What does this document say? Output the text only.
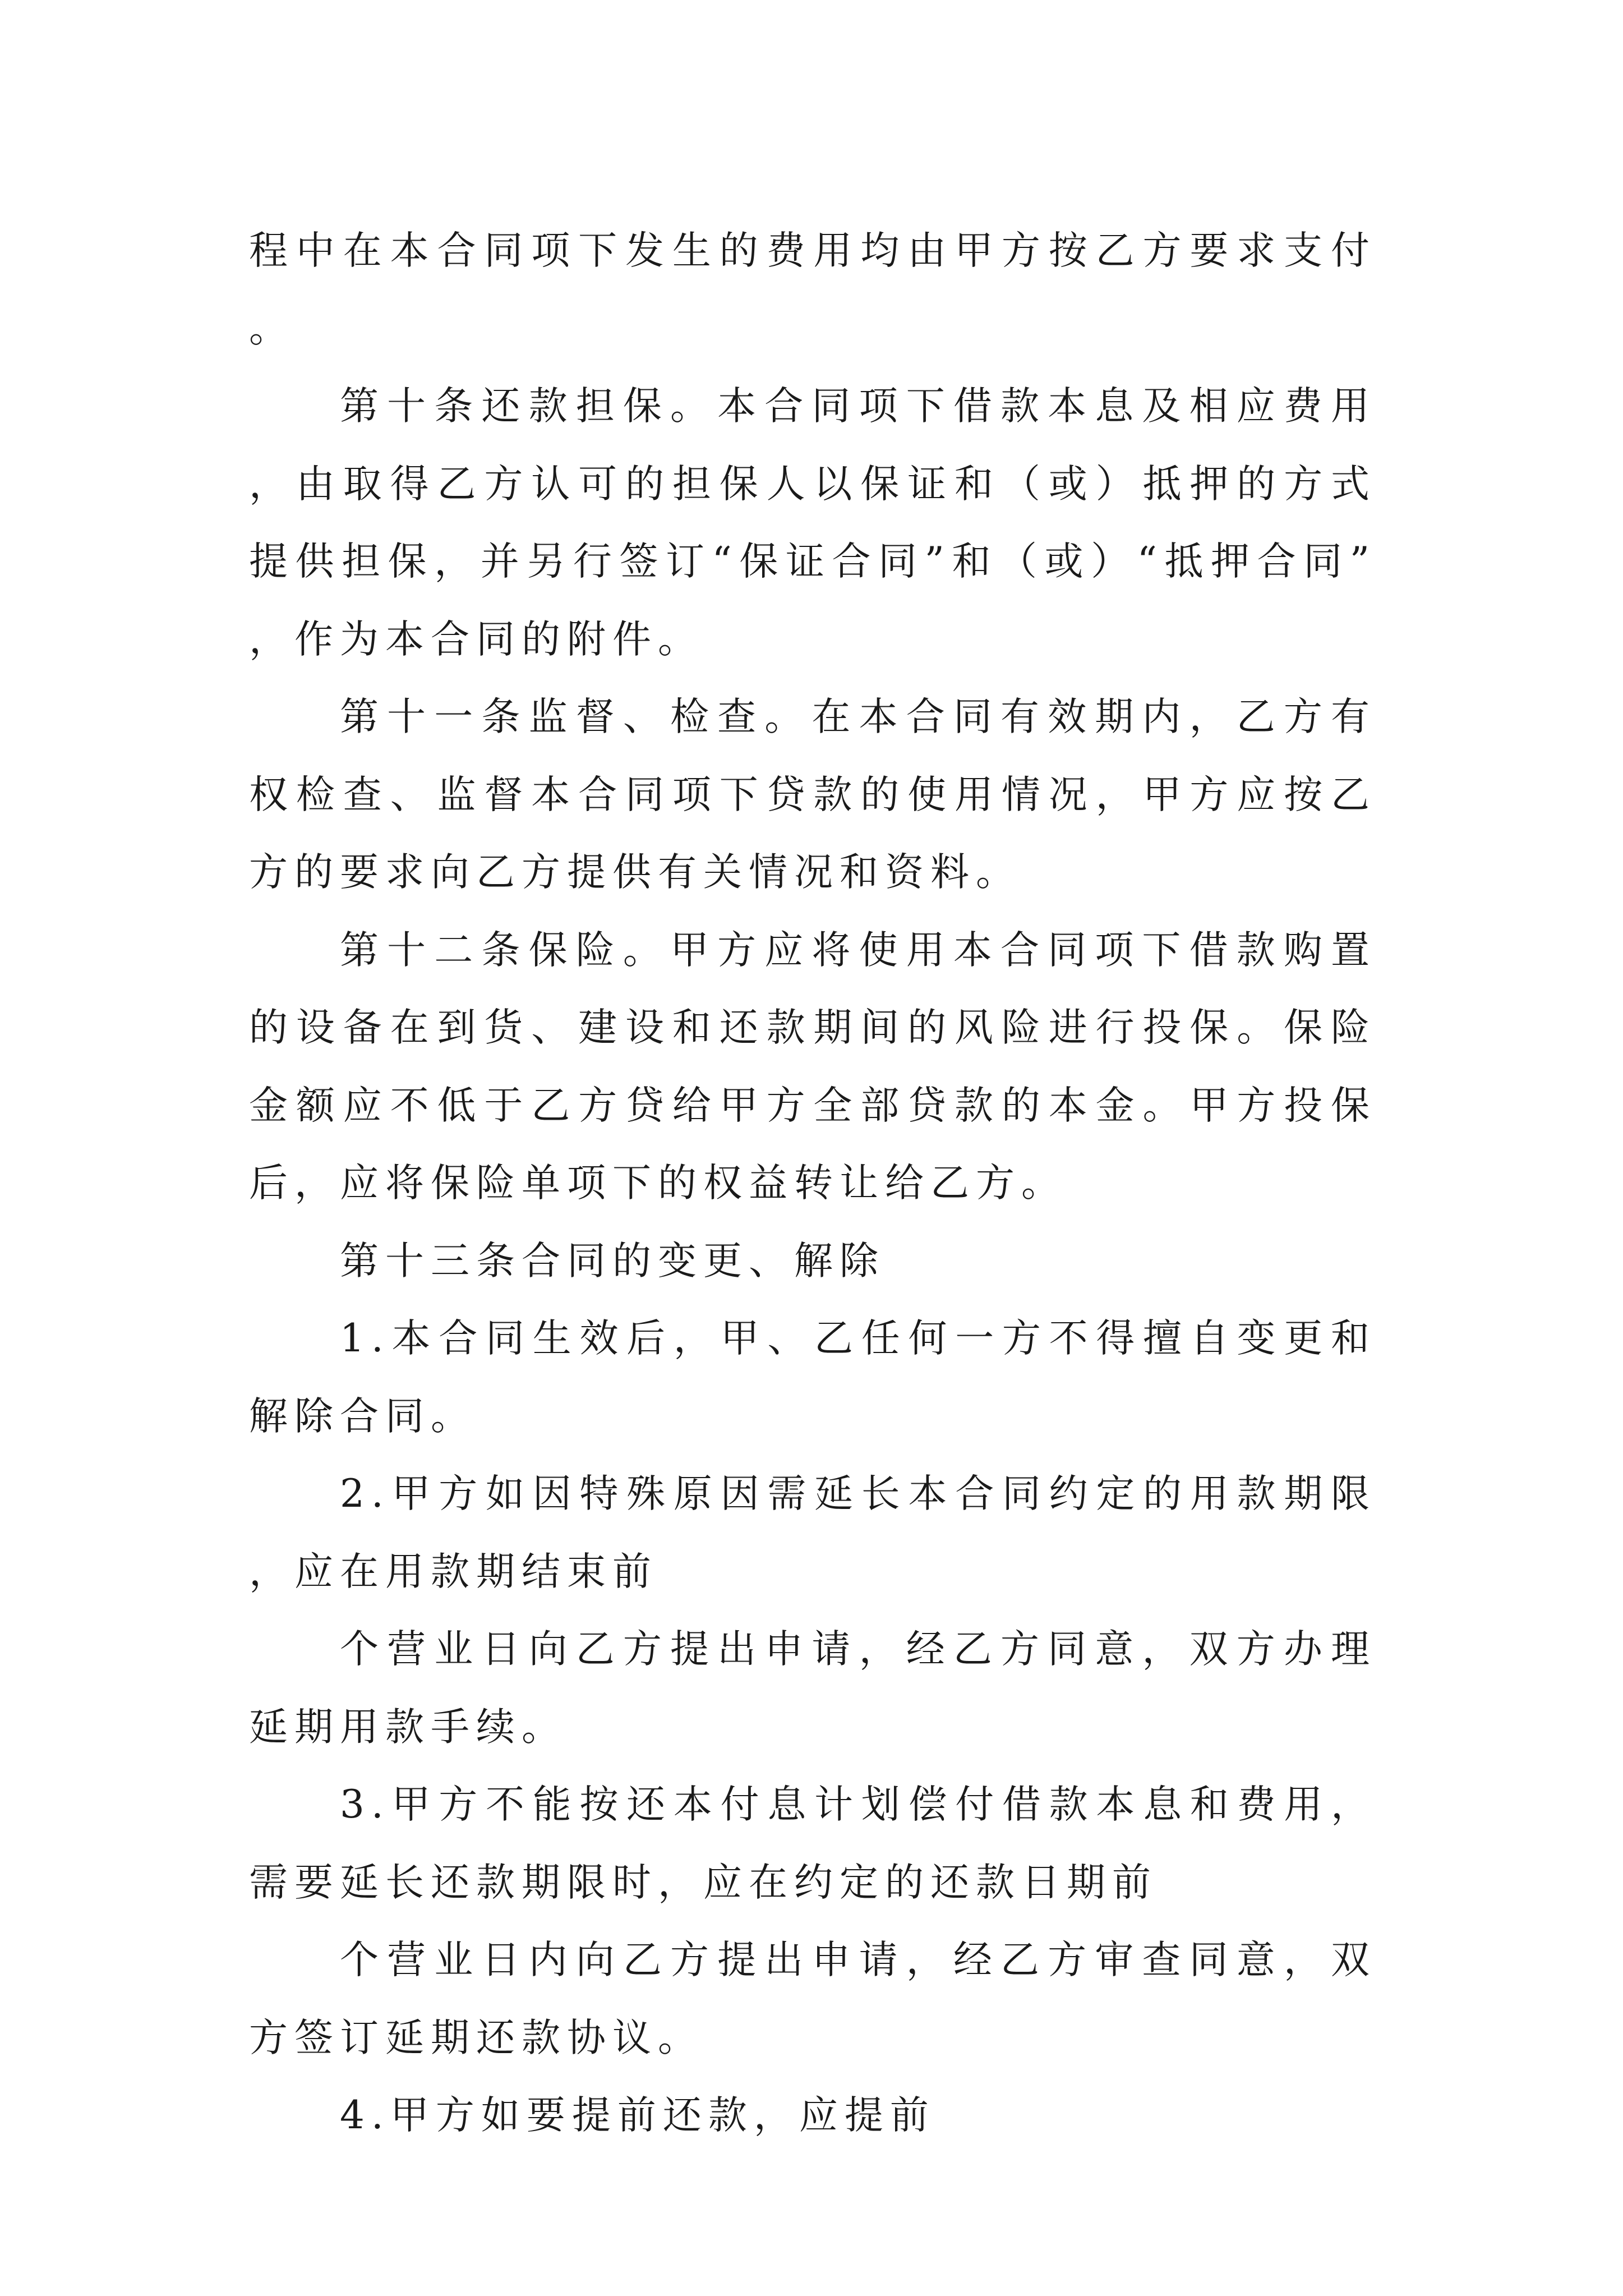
程中在本合同项下发生的费用均由甲方按乙方要求支付。

第十条还款担保。本合同项下借款本息及相应费用，由取得乙方认可的担保人以保证和（或）抵押的方式提供担保，并另行签订“保证合同”和（或）“抵押合同”，作为本合同的附件。

第十一条监督、检查。在本合同有效期内，乙方有权检查、监督本合同项下贷款的使用情况，甲方应按乙方的要求向乙方提供有关情况和资料。

第十二条保险。甲方应将使用本合同项下借款购置的设备在到货、建设和还款期间的风险进行投保。保险金额应不低于乙方贷给甲方全部贷款的本金。甲方投保后，应将保险单项下的权益转让给乙方。

第十三条合同的变更、解除

1.本合同生效后，甲、乙任何一方不得擅自变更和解除合同。

2.甲方如因特殊原因需延长本合同约定的用款期限，应在用款期结束前

个营业日向乙方提出申请，经乙方同意，双方办理延期用款手续。

3.甲方不能按还本付息计划偿付借款本息和费用，需要延长还款期限时，应在约定的还款日期前

个营业日内向乙方提出申请，经乙方审查同意，双方签订延期还款协议。

4.甲方如要提前还款，应提前
